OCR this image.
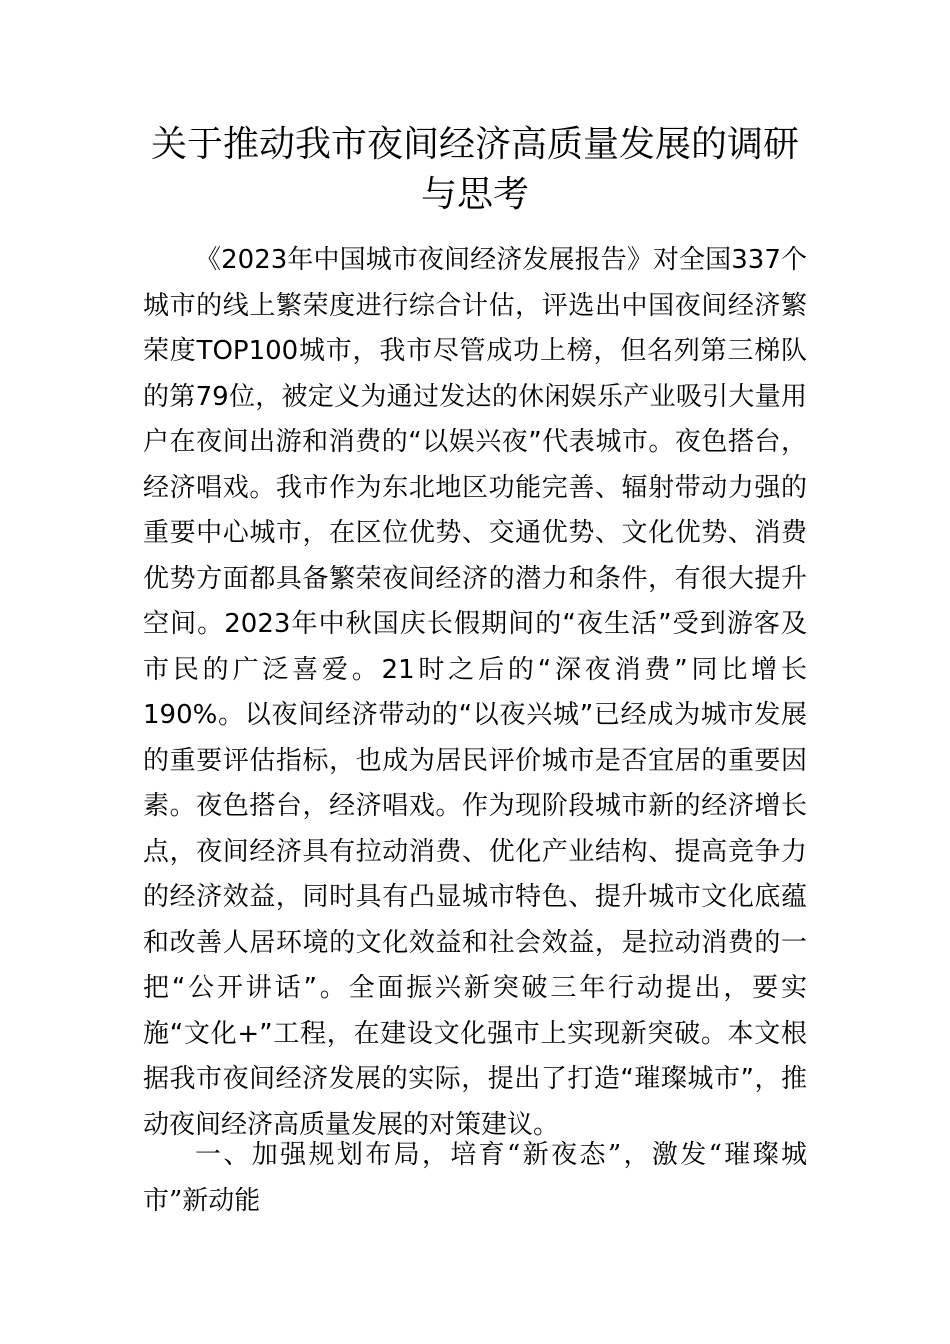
关于推动我市夜间经济高质量发展的调研与思考

《2023年中国城市夜间经济发展报告》对全国337个城市的线上繁荣度进行综合计估，评选出中国夜间经济繁荣度TOP100城市，我市尽管成功上榜，但名列第三梯队的第79位，被定义为通过发达的休闲娱乐产业吸引大量用户在夜间出游和消费的“以娱兴夜”代表城市。夜色搭台，经济唱戏。我市作为东北地区功能完善、辐射带动力强的重要中心城市，在区位优势、交通优势、文化优势、消费优势方面都具备繁荣夜间经济的潜力和条件，有很大提升空间。2023年中秋国庆长假期间的“夜生活”受到游客及市民的广泛喜爱。21时之后的“深夜消费”同比增长190%。以夜间经济带动的“以夜兴城”已经成为城市发展的重要评估指标，也成为居民评价城市是否宜居的重要因素。夜色搭台，经济唱戏。作为现阶段城市新的经济增长点，夜间经济具有拉动消费、优化产业结构、提高竞争力的经济效益，同时具有凸显城市特色、提升城市文化底蕴和改善人居环境的文化效益和社会效益，是拉动消费的一把“公开讲话”。全面振兴新突破三年行动提出，要实施“文化+”工程，在建设文化强市上实现新突破。本文根据我市夜间经济发展的实际，提出了打造“璀璨城市”，推动夜间经济高质量发展的对策建议。

一、加强规划布局，培育“新夜态”，激发“璀璨城市”新动能
